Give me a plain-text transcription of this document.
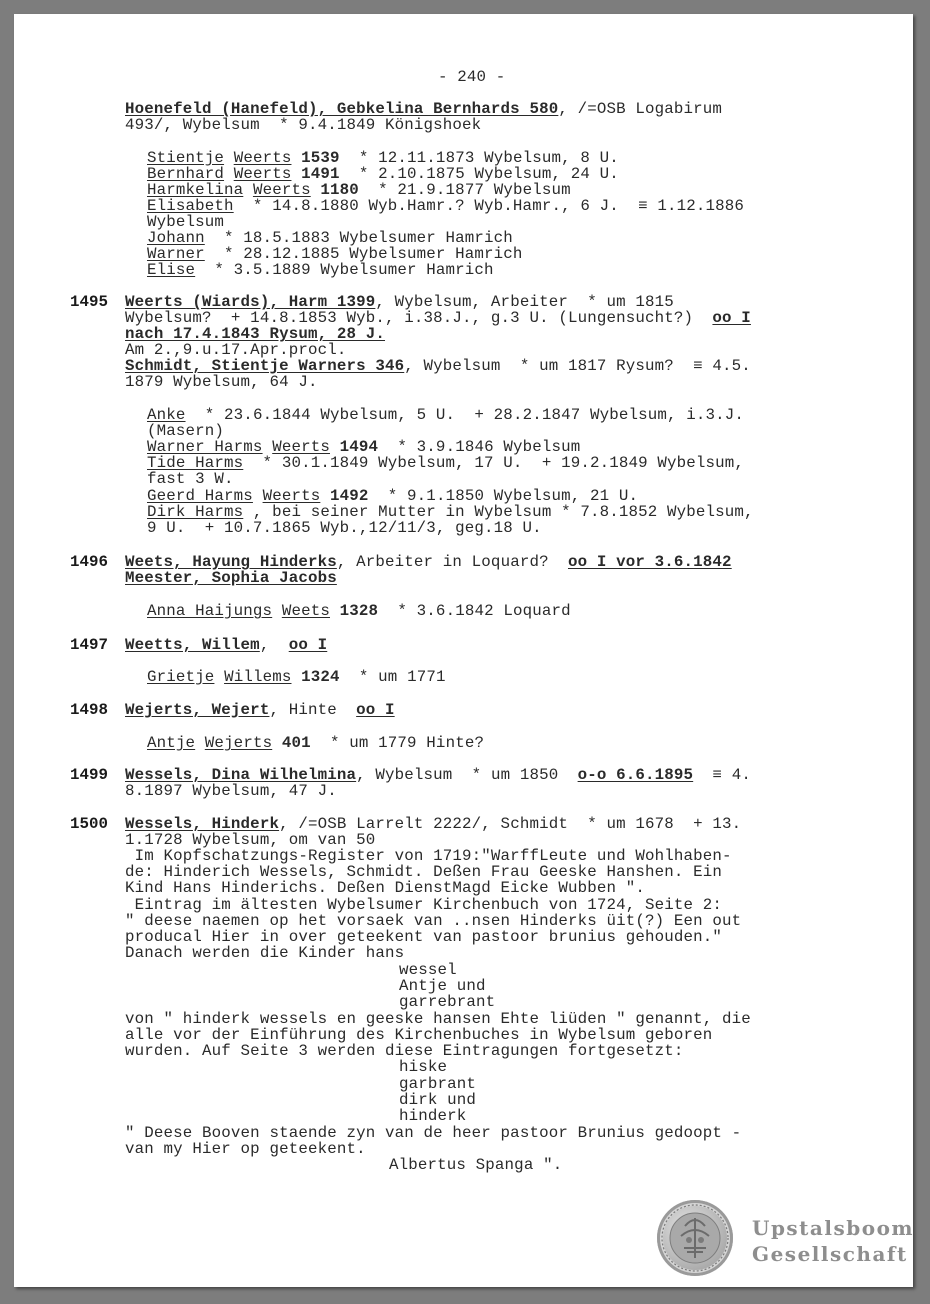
- 240 -
Hoenefeld (Hanefeld), Gebkelina Bernhards 580, /=OSB Logabirum
493/, Wybelsum  * 9.4.1849 Königshoek
Stientje Weerts 1539  * 12.11.1873 Wybelsum, 8 U.
Bernhard Weerts 1491  * 2.10.1875 Wybelsum, 24 U.
Harmkelina Weerts 1180  * 21.9.1877 Wybelsum
Elisabeth  * 14.8.1880 Wyb.Hamr.? Wyb.Hamr., 6 J.  ≡ 1.12.1886
Wybelsum
Johann  * 18.5.1883 Wybelsumer Hamrich
Warner  * 28.12.1885 Wybelsumer Hamrich
Elise  * 3.5.1889 Wybelsumer Hamrich
1495 Weerts (Wiards), Harm 1399, Wybelsum, Arbeiter  * um 1815
Wybelsum?  + 14.8.1853 Wyb., i.38.J., g.3 U. (Lungensucht?)  oo I
nach 17.4.1843 Rysum, 28 J.
Am 2.,9.u.17.Apr.procl.
Schmidt, Stientje Warners 346, Wybelsum  * um 1817 Rysum?  ≡ 4.5.
1879 Wybelsum, 64 J.
Anke  * 23.6.1844 Wybelsum, 5 U.  + 28.2.1847 Wybelsum, i.3.J.
(Masern)
Warner Harms Weerts 1494  * 3.9.1846 Wybelsum
Tide Harms  * 30.1.1849 Wybelsum, 17 U.  + 19.2.1849 Wybelsum,
fast 3 W.
Geerd Harms Weerts 1492  * 9.1.1850 Wybelsum, 21 U.
Dirk Harms , bei seiner Mutter in Wybelsum * 7.8.1852 Wybelsum,
9 U.  + 10.7.1865 Wyb.,12/11/3, geg.18 U.
1496 Weets, Hayung Hinderks, Arbeiter in Loquard?  oo I vor 3.6.1842
Meester, Sophia Jacobs
Anna Haijungs Weets 1328  * 3.6.1842 Loquard
1497 Weetts, Willem,  oo I
Grietje Willems 1324  * um 1771
1498 Wejerts, Wejert, Hinte  oo I
Antje Wejerts 401  * um 1779 Hinte?
1499 Wessels, Dina Wilhelmina, Wybelsum  * um 1850  o-o 6.6.1895  ≡ 4.
8.1897 Wybelsum, 47 J.
1500 Wessels, Hinderk, /=OSB Larrelt 2222/, Schmidt  * um 1678  + 13.
1.1728 Wybelsum, om van 50
Im Kopfschatzungs-Register von 1719:"WarffLeute und Wohlhaben-
de: Hinderich Wessels, Schmidt. Deßen Frau Geeske Hanshen. Ein
Kind Hans Hinderichs. Deßen DienstMagd Eicke Wubben ".
Eintrag im ältesten Wybelsumer Kirchenbuch von 1724, Seite 2:
" deese naemen op het vorsaek van ..nsen Hinderks üit(?) Een out
producal Hier in over geteekent van pastoor brunius gehouden."
Danach werden die Kinder hans
wessel
Antje und
garrebrant
von " hinderk wessels en geeske hansen Ehte liüden " genannt, die
alle vor der Einführung des Kirchenbuches in Wybelsum geboren
wurden. Auf Seite 3 werden diese Eintragungen fortgesetzt:
hiske
garbrant
dirk und
hinderk
" Deese Booven staende zyn van de heer pastoor Brunius gedoopt -
van my Hier op geteekent.
Albertus Spanga ".
Upstalsboom
Gesellschaft
